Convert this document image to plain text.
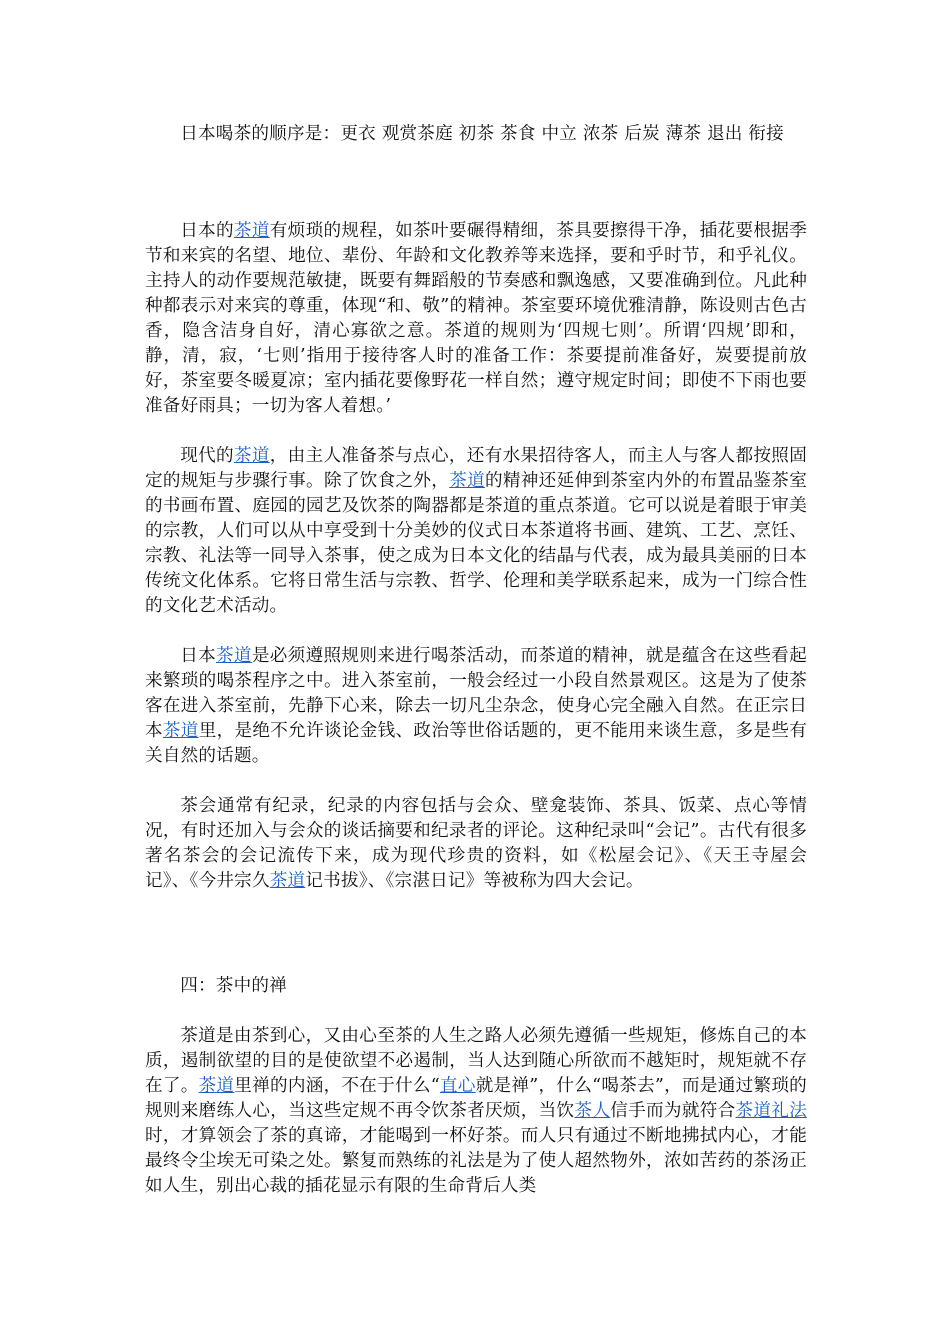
日本喝茶的顺序是：更衣 观赏茶庭 初茶 茶食 中立 浓茶 后炭 薄茶 退出 衔接

日本的茶道有烦琐的规程，如茶叶要碾得精细，茶具要擦得干净，插花要根据季节和来宾的名望、地位、辈份、年龄和文化教养等来选择，要和乎时节，和乎礼仪。主持人的动作要规范敏捷，既要有舞蹈般的节奏感和飘逸感，又要准确到位。凡此种种都表示对来宾的尊重，体现“和、敬”的精神。茶室要环境优雅清静，陈设则古色古香，隐含洁身自好，清心寡欲之意。茶道的规则为‘四规七则’。所谓‘四规’即和，静，清，寂，‘七则’指用于接待客人时的准备工作：茶要提前准备好，炭要提前放好，茶室要冬暖夏凉；室内插花要像野花一样自然；遵守规定时间；即使不下雨也要准备好雨具；一切为客人着想。’

现代的茶道，由主人准备茶与点心，还有水果招待客人，而主人与客人都按照固定的规矩与步骤行事。除了饮食之外，茶道的精神还延伸到茶室内外的布置品鉴茶室的书画布置、庭园的园艺及饮茶的陶器都是茶道的重点茶道。它可以说是着眼于审美的宗教，人们可以从中享受到十分美妙的仪式日本茶道将书画、建筑、工艺、烹饪、宗教、礼法等一同导入茶事，使之成为日本文化的结晶与代表，成为最具美丽的日本传统文化体系。它将日常生活与宗教、哲学、伦理和美学联系起来，成为一门综合性的文化艺术活动。

日本茶道是必须遵照规则来进行喝茶活动，而茶道的精神，就是蕴含在这些看起来繁琐的喝茶程序之中。进入茶室前，一般会经过一小段自然景观区。这是为了使茶客在进入茶室前，先静下心来，除去一切凡尘杂念，使身心完全融入自然。在正宗日本茶道里，是绝不允许谈论金钱、政治等世俗话题的，更不能用来谈生意，多是些有关自然的话题。

茶会通常有纪录，纪录的内容包括与会众、壁龛装饰、茶具、饭菜、点心等情况，有时还加入与会众的谈话摘要和纪录者的评论。这种纪录叫“会记”。古代有很多著名茶会的会记流传下来，成为现代珍贵的资料，如《松屋会记》、《天王寺屋会记》、《今井宗久茶道记书拔》、《宗湛日记》等被称为四大会记。

四：茶中的禅

茶道是由茶到心，又由心至茶的人生之路人必须先遵循一些规矩，修炼自己的本质，遏制欲望的目的是使欲望不必遏制，当人达到随心所欲而不越矩时，规矩就不存在了。茶道里禅的内涵，不在于什么“直心就是禅”，什么“喝茶去”，而是通过繁琐的规则来磨练人心，当这些定规不再令饮茶者厌烦，当饮茶人信手而为就符合茶道礼法时，才算领会了茶的真谛，才能喝到一杯好茶。而人只有通过不断地拂拭内心，才能最终令尘埃无可染之处。繁复而熟练的礼法是为了使人超然物外，浓如苦药的茶汤正如人生，别出心裁的插花显示有限的生命背后人类
